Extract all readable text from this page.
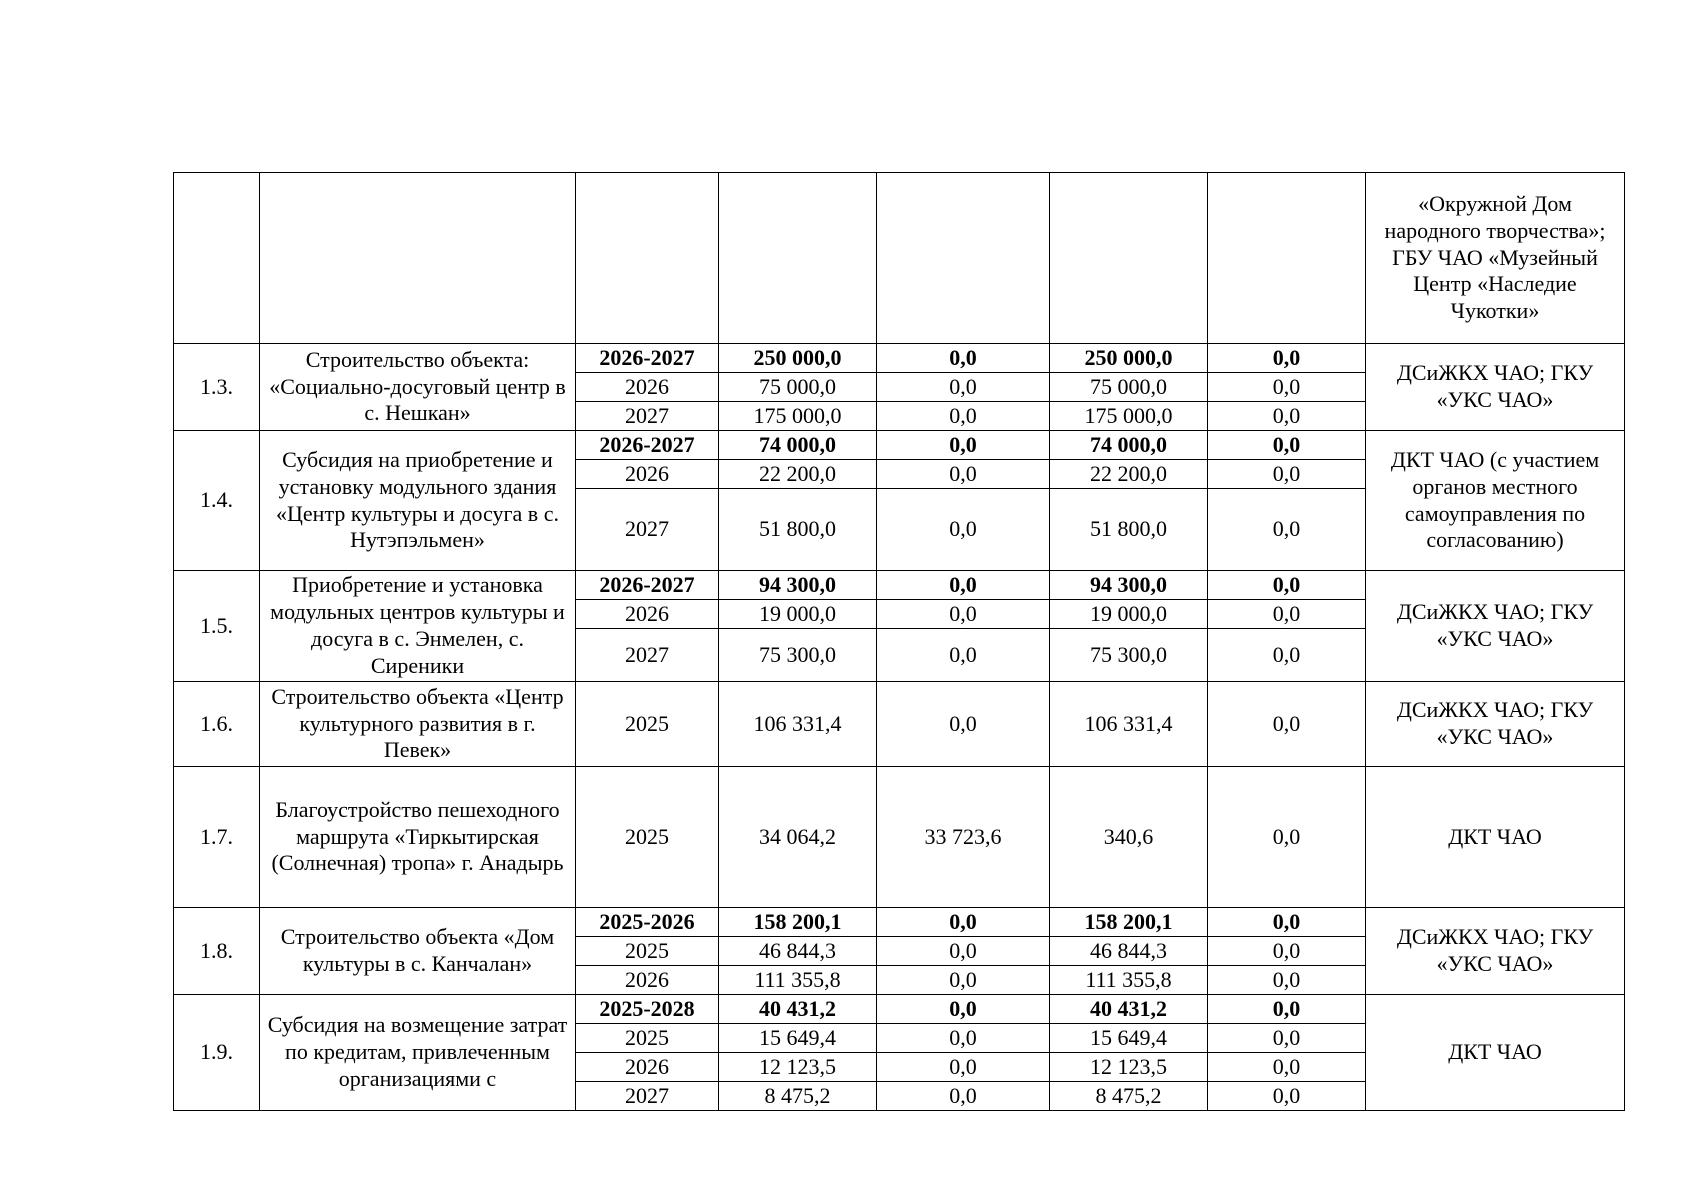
							«Окружной Дом народного творчества»; ГБУ ЧАО «Музейный Центр «Наследие Чукотки»
1.3.	Строительство объекта: «Социально-досуговый центр в с. Нешкан»	2026-2027	250 000,0	0,0	250 000,0	0,0	ДСиЖКХ ЧАО; ГКУ «УКС ЧАО»
		2026	75 000,0	0,0	75 000,0	0,0	
		2027	175 000,0	0,0	175 000,0	0,0	
1.4.	Субсидия на приобретение и установку модульного здания «Центр культуры и досуга в с. Нутэпэльмен»	2026-2027	74 000,0	0,0	74 000,0	0,0	ДКТ ЧАО (с участием органов местного самоуправления по согласованию)
		2026	22 200,0	0,0	22 200,0	0,0	
		2027	51 800,0	0,0	51 800,0	0,0	
1.5.	Приобретение и установка модульных центров культуры и досуга в с. Энмелен, с. Сиреники	2026-2027	94 300,0	0,0	94 300,0	0,0	ДСиЖКХ ЧАО; ГКУ «УКС ЧАО»
		2026	19 000,0	0,0	19 000,0	0,0	
		2027	75 300,0	0,0	75 300,0	0,0	
1.6.	Строительство объекта «Центр культурного развития в г. Певек»	2025	106 331,4	0,0	106 331,4	0,0	ДСиЖКХ ЧАО; ГКУ «УКС ЧАО»
1.7.	Благоустройство пешеходного маршрута «Тиркытирская (Солнечная) тропа» г. Анадырь	2025	34 064,2	33 723,6	340,6	0,0	ДКТ ЧАО
1.8.	Строительство объекта «Дом культуры в с. Канчалан»	2025-2026	158 200,1	0,0	158 200,1	0,0	ДСиЖКХ ЧАО; ГКУ «УКС ЧАО»
		2025	46 844,3	0,0	46 844,3	0,0	
		2026	111 355,8	0,0	111 355,8	0,0	
1.9.	Субсидия на возмещение затрат по кредитам, привлеченным организациями с	2025-2028	40 431,2	0,0	40 431,2	0,0	ДКТ ЧАО
		2025	15 649,4	0,0	15 649,4	0,0	
		2026	12 123,5	0,0	12 123,5	0,0	
		2027	8 475,2	0,0	8 475,2	0,0	
